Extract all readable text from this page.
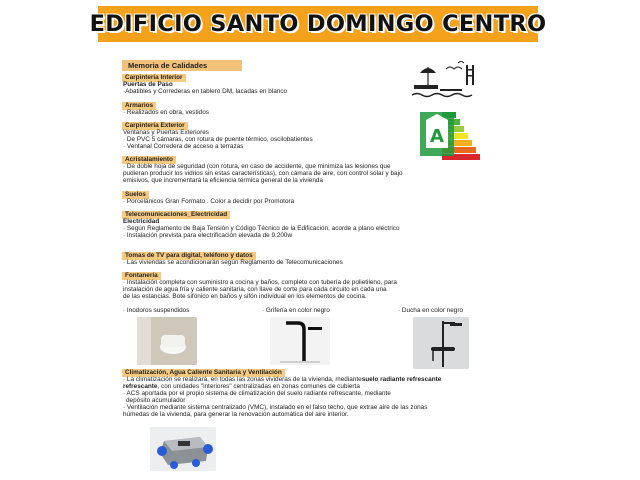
EDIFICIO SANTO DOMINGO CENTRO
Memoria de Calidades
A
Carpintería Interior
Puertas de Paso
·Abatibles y Correderas en tablero DM, lacadas en blanco
Armarios
· Realizados en obra, vestidos
Carpintería Exterior
Ventanas y Puertas Exteriores
· De PVC 5 cámaras, con rotura de puente térmico, oscilobatientes
· Ventanal Corredera de acceso a terrazas
Acristalamiento
· De doble hoja de seguridad (con rotura, en caso de accidente, que minimiza las lesiones que
pudieran producir los vidrios sin estas características), con cámara de aire, con control solar y bajo
emisivos, que incrementará la eficiencia térmica general de la vivienda
Suelos
· Porcelánicos Gran Formato . Color a decidir por Promotora
Telecomunicaciones_Electricidad
Electricidad
· Según Reglamento de Baja Tensión y Código Técnico de la Edificación, acorde a plano eléctrico
· Instalación prevista para electrificación elevada de 9.200w
Tomas de TV para digital, teléfono y datos
· Las viviendas se acondicionarán según Reglamento de Telecomunicaciones
Fontanería
· Instalación completa con suministro a cocina y baños, completo con tubería de polietileno, para
instalación de agua fría y caliente sanitaria, con llave de corte para cada circuito en cada una
de las estancias. Bote sifónico en baños y sifón individual en los elementos de cocina.
· Inodoros suspendidos	· Grifería en color negro	· Ducha en color negro
Climatización, Agua Caliente Sanitaria y Ventilación
· La climatización se realizará, en todas las zonas vivideras de la vivienda, mediantesuelo radiante refrescante
refrescante, con unidades "interiores" centralizadas en zonas comunes de cubierta
· ACS aportada por el propio sistema de climatización del suelo radiante refrescante, mediante
depósito acumulador
· Ventilación mediante sistema centralizado (VMC), instalado en el falso techo, que extrae aire de las zonas
húmedas de la vivienda, para generar la renovación automática del aire interior.
